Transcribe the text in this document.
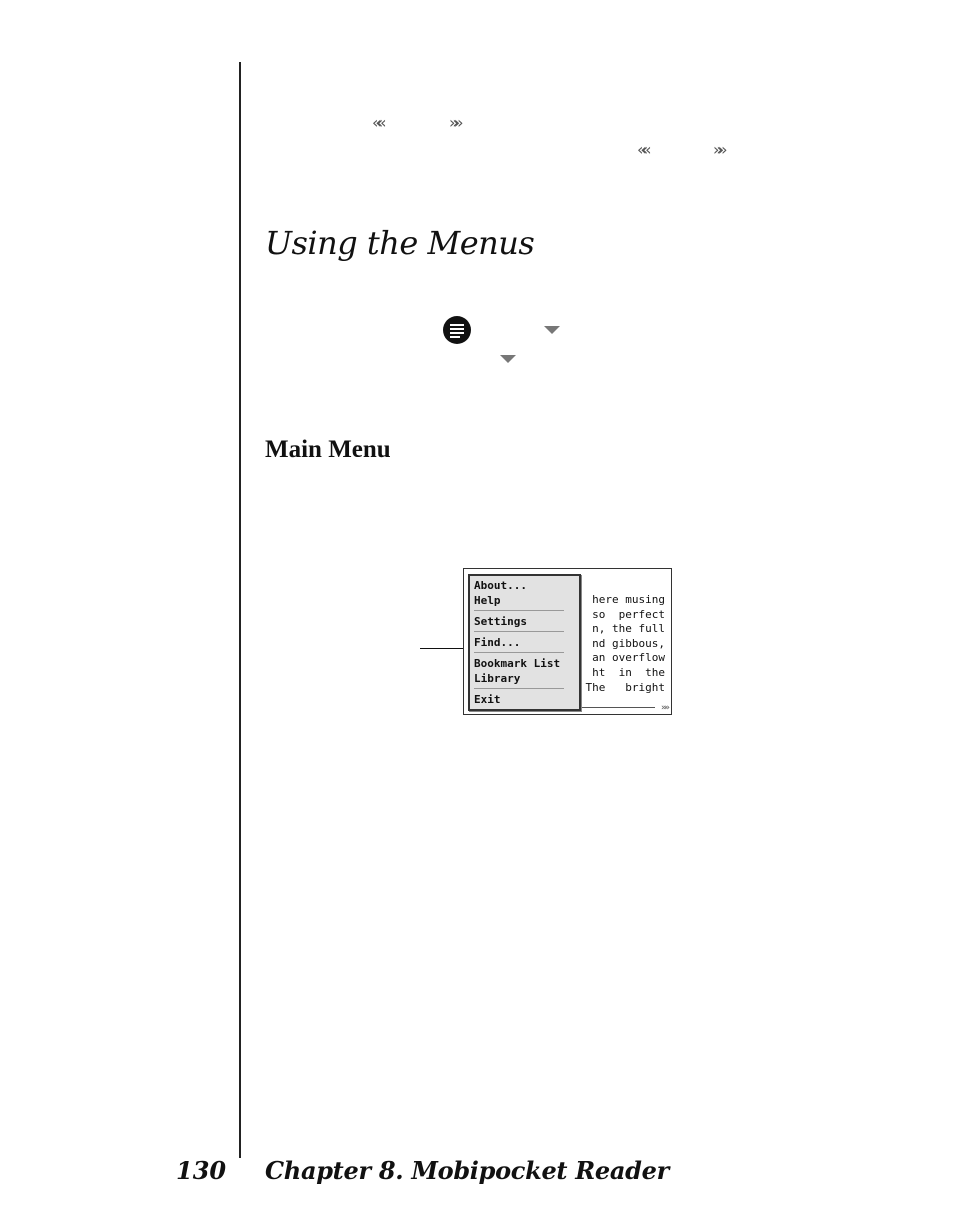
««	»»
««	»»
Using the Menus
Main Menu
here musing
so  perfect
n, the full
nd gibbous,
an overflow
ht  in  the
The   bright
»»
About...
Help
Settings
Find...
Bookmark List
Library
Exit
130 Chapter 8. Mobipocket Reader
